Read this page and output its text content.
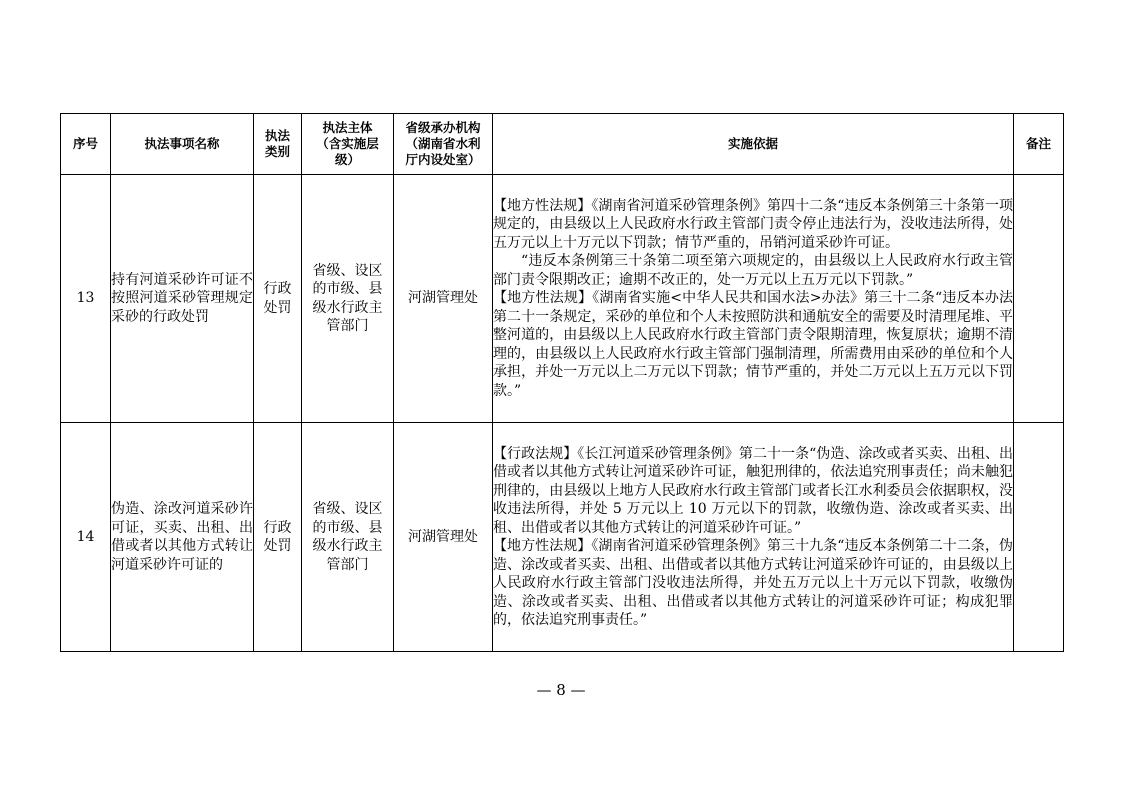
序号	执法事项名称	执法类别	执法主体（含实施层级）	省级承办机构（湖南省水利厅内设处室）	实施依据	备注
13	持有河道采砂许可证不按照河道采砂管理规定采砂的行政处罚	行政处罚	省级、设区的市级、县级水行政主管部门	河湖管理处	【地方性法规】《湖南省河道采砂管理条例》第四十二条“违反本条例第三十条第一项规定的，由县级以上人民政府水行政主管部门责令停止违法行为，没收违法所得，处五万元以上十万元以下罚款；情节严重的，吊销河道采砂许可证。

“违反本条例第三十条第二项至第六项规定的，由县级以上人民政府水行政主管部门责令限期改正；逾期不改正的，处一万元以上五万元以下罚款。”

【地方性法规】《湖南省实施<中华人民共和国水法>办法》第三十二条“违反本办法第二十一条规定，采砂的单位和个人未按照防洪和通航安全的需要及时清理尾堆、平整河道的，由县级以上人民政府水行政主管部门责令限期清理，恢复原状；逾期不清理的，由县级以上人民政府水行政主管部门强制清理，所需费用由采砂的单位和个人承担，并处一万元以上二万元以下罚款；情节严重的，并处二万元以上五万元以下罚款。”	

14	伪造、涂改河道采砂许可证，买卖、出租、出借或者以其他方式转让河道采砂许可证的	行政处罚	省级、设区的市级、县级水行政主管部门	河湖管理处	【行政法规】《长江河道采砂管理条例》第二十一条“伪造、涂改或者买卖、出租、出借或者以其他方式转让河道采砂许可证，触犯刑律的，依法追究刑事责任；尚未触犯刑律的，由县级以上地方人民政府水行政主管部门或者长江水利委员会依据职权，没收违法所得，并处 5 万元以上 10 万元以下的罚款，收缴伪造、涂改或者买卖、出租、出借或者以其他方式转让的河道采砂许可证。”

【地方性法规】《湖南省河道采砂管理条例》第三十九条“违反本条例第二十二条，伪造、涂改或者买卖、出租、出借或者以其他方式转让河道采砂许可证的，由县级以上人民政府水行政主管部门没收违法所得，并处五万元以上十万元以下罚款，收缴伪造、涂改或者买卖、出租、出借或者以其他方式转让的河道采砂许可证；构成犯罪的，依法追究刑事责任。”	

— 8 —
